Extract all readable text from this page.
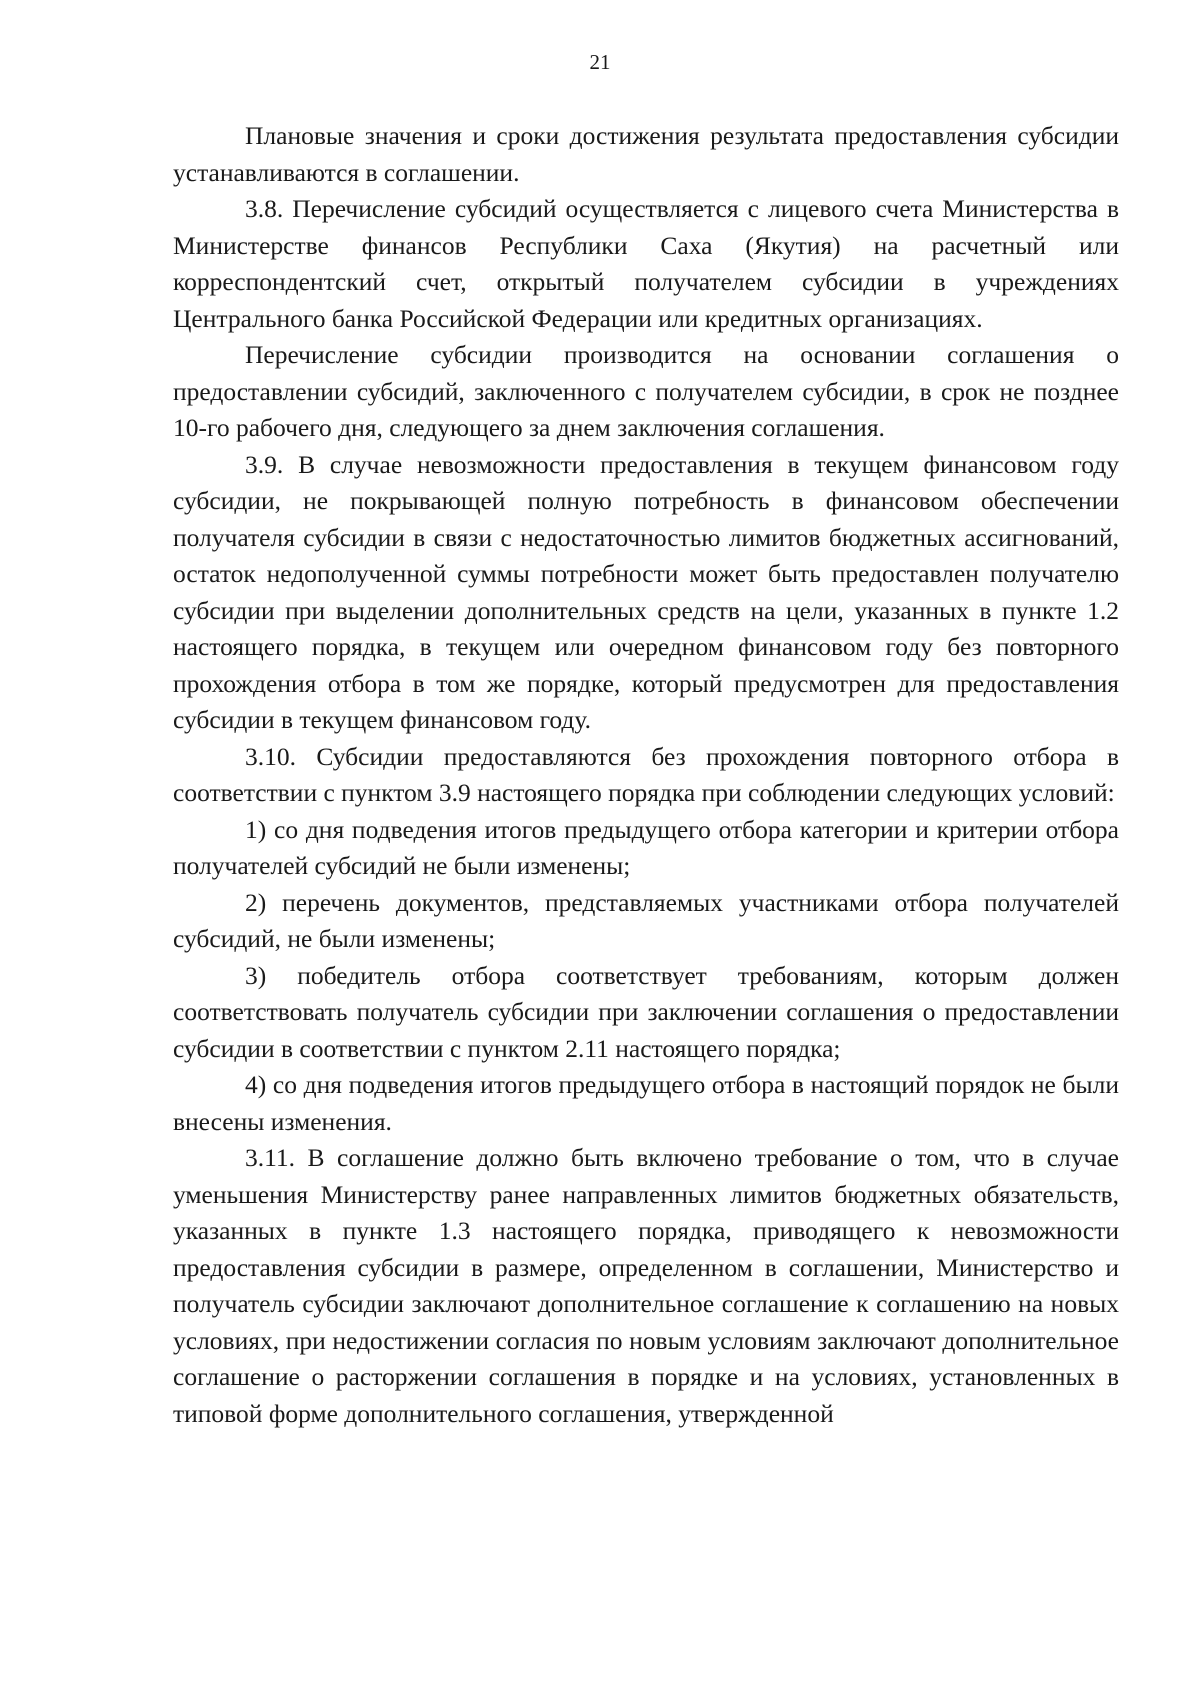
21

Плановые значения и сроки достижения результата предоставления субсидии устанавливаются в соглашении.

3.8. Перечисление субсидий осуществляется с лицевого счета Министерства в Министерстве финансов Республики Саха (Якутия) на расчетный или корреспондентский счет, открытый получателем субсидии в учреждениях Центрального банка Российской Федерации или кредитных организациях.

Перечисление субсидии производится на основании соглашения о предоставлении субсидий, заключенного с получателем субсидии, в срок не позднее 10-го рабочего дня, следующего за днем заключения соглашения.

3.9. В случае невозможности предоставления в текущем финансовом году субсидии, не покрывающей полную потребность в финансовом обеспечении получателя субсидии в связи с недостаточностью лимитов бюджетных ассигнований, остаток недополученной суммы потребности может быть предоставлен получателю субсидии при выделении дополнительных средств на цели, указанных в пункте 1.2 настоящего порядка, в текущем или очередном финансовом году без повторного прохождения отбора в том же порядке, который предусмотрен для предоставления субсидии в текущем финансовом году.

3.10. Субсидии предоставляются без прохождения повторного отбора в соответствии с пунктом 3.9 настоящего порядка при соблюдении следующих условий:

1) со дня подведения итогов предыдущего отбора категории и критерии отбора получателей субсидий не были изменены;

2) перечень документов, представляемых участниками отбора получателей субсидий, не были изменены;

3) победитель отбора соответствует требованиям, которым должен соответствовать получатель субсидии при заключении соглашения о предоставлении субсидии в соответствии с пунктом 2.11 настоящего порядка;

4) со дня подведения итогов предыдущего отбора в настоящий порядок не были внесены изменения.

3.11. В соглашение должно быть включено требование о том, что в случае уменьшения Министерству ранее направленных лимитов бюджетных обязательств, указанных в пункте 1.3 настоящего порядка, приводящего к невозможности предоставления субсидии в размере, определенном в соглашении, Министерство и получатель субсидии заключают дополнительное соглашение к соглашению на новых условиях, при недостижении согласия по новым условиям заключают дополнительное соглашение о расторжении соглашения в порядке и на условиях, установленных в типовой форме дополнительного соглашения, утвержденной
